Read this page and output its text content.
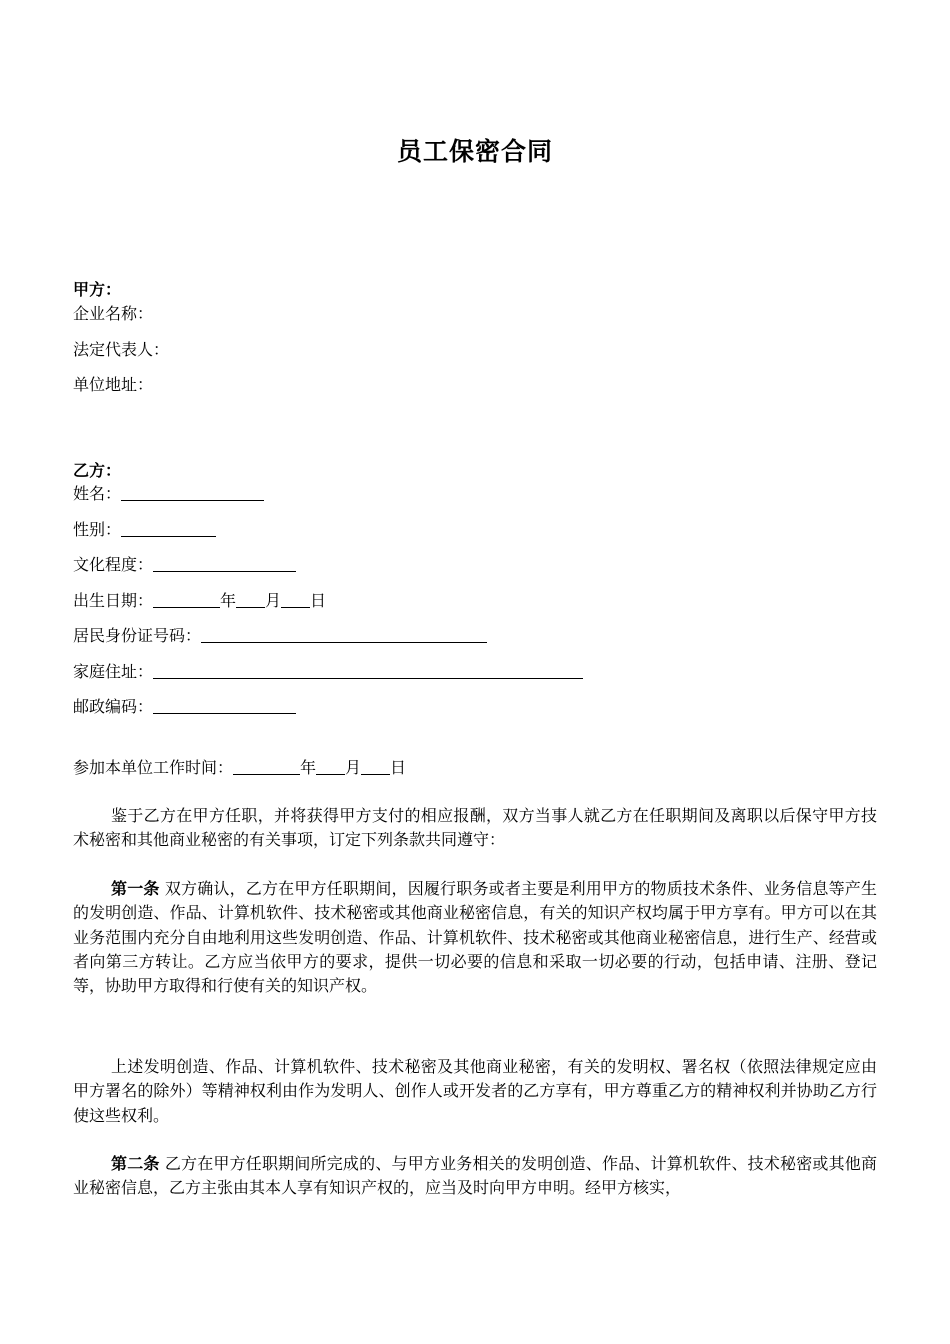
员工保密合同
甲方：
企业名称：
法定代表人：
单位地址：
乙方：
姓名：
性别：
文化程度：
出生日期：	年 月 日
居民身份证号码：
家庭住址：
邮政编码：
参加本单位工作时间：	年 月 日

鉴于乙方在甲方任职，并将获得甲方支付的相应报酬，双方当事人就乙方在任职期间及离职以后保守甲方技术秘密和其他商业秘密的有关事项，订定下列条款共同遵守：

第一条 双方确认，乙方在甲方任职期间，因履行职务或者主要是利用甲方的物质技术条件、业务信息等产生的发明创造、作品、计算机软件、技术秘密或其他商业秘密信息，有关的知识产权均属于甲方享有。甲方可以在其业务范围内充分自由地利用这些发明创造、作品、计算机软件、技术秘密或其他商业秘密信息，进行生产、经营或者向第三方转让。乙方应当依甲方的要求，提供一切必要的信息和采取一切必要的行动，包括申请、注册、登记等，协助甲方取得和行使有关的知识产权。

上述发明创造、作品、计算机软件、技术秘密及其他商业秘密，有关的发明权、署名权（依照法律规定应由甲方署名的除外）等精神权利由作为发明人、创作人或开发者的乙方享有，甲方尊重乙方的精神权利并协助乙方行使这些权利。

第二条 乙方在甲方任职期间所完成的、与甲方业务相关的发明创造、作品、计算机软件、技术秘密或其他商业秘密信息，乙方主张由其本人享有知识产权的，应当及时向甲方申明。经甲方核实，
